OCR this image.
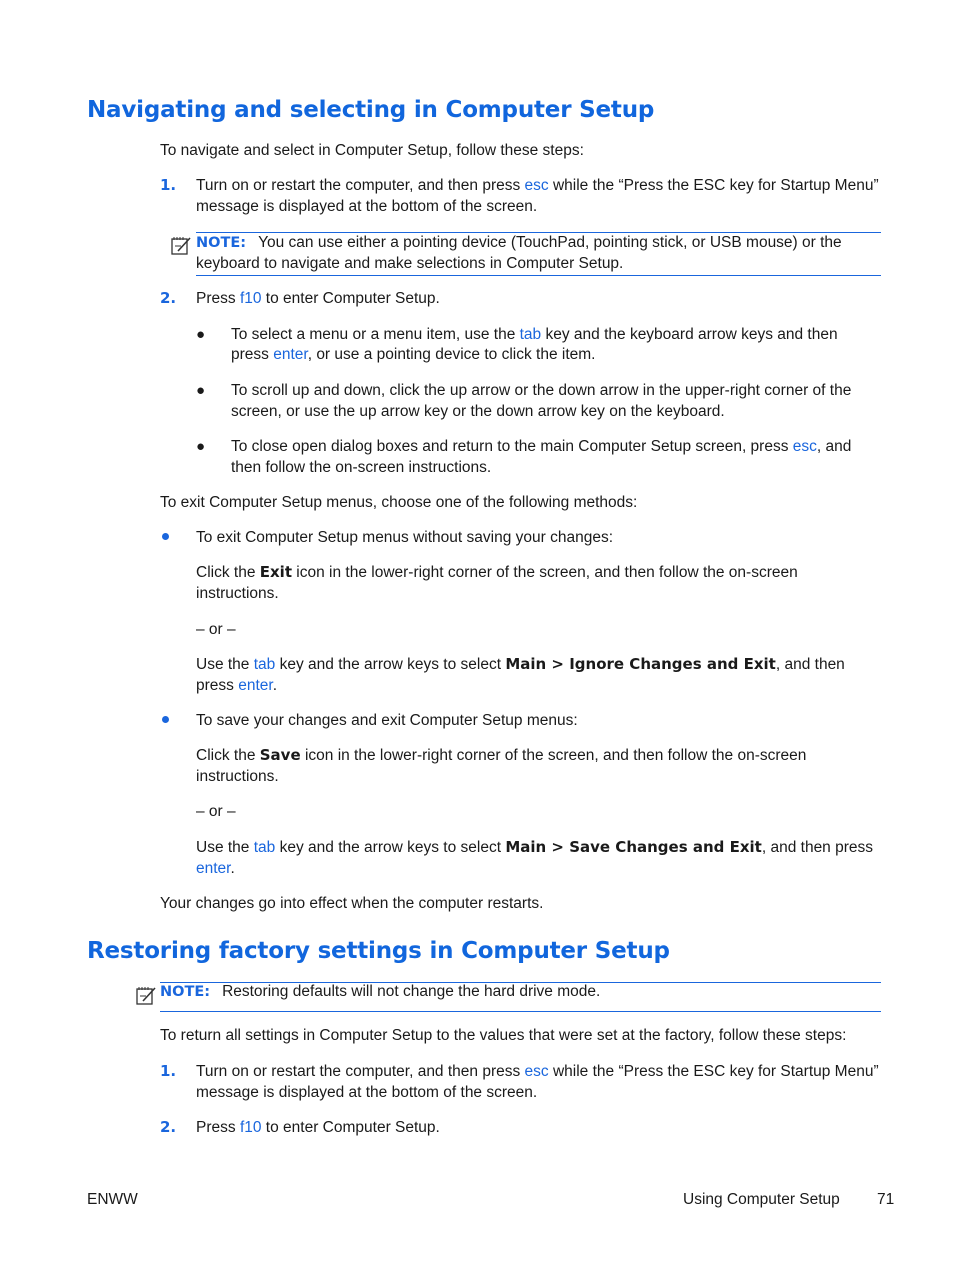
Navigating and selecting in Computer Setup

To navigate and select in Computer Setup, follow these steps:

1. Turn on or restart the computer, and then press esc while the “Press the ESC key for Startup Menu”

message is displayed at the bottom of the screen.

NOTE: You can use either a pointing device (TouchPad, pointing stick, or USB mouse) or the

keyboard to navigate and make selections in Computer Setup.

2. Press f10 to enter Computer Setup.

● To select a menu or a menu item, use the tab key and the keyboard arrow keys and then

press enter, or use a pointing device to click the item.

● To scroll up and down, click the up arrow or the down arrow in the upper-right corner of the

screen, or use the up arrow key or the down arrow key on the keyboard.

● To close open dialog boxes and return to the main Computer Setup screen, press esc, and

then follow the on-screen instructions.

To exit Computer Setup menus, choose one of the following methods:

To exit Computer Setup menus without saving your changes:

Click the Exit icon in the lower-right corner of the screen, and then follow the on-screen

instructions.

– or –

Use the tab key and the arrow keys to select Main > Ignore Changes and Exit, and then

press enter.

To save your changes and exit Computer Setup menus:

Click the Save icon in the lower-right corner of the screen, and then follow the on-screen

instructions.

– or –

Use the tab key and the arrow keys to select Main > Save Changes and Exit, and then press

enter.

Your changes go into effect when the computer restarts.

Restoring factory settings in Computer Setup

NOTE: Restoring defaults will not change the hard drive mode.

To return all settings in Computer Setup to the values that were set at the factory, follow these steps:

1. Turn on or restart the computer, and then press esc while the “Press the ESC key for Startup Menu”

message is displayed at the bottom of the screen.

2. Press f10 to enter Computer Setup.

ENWW	Using Computer Setup 71
